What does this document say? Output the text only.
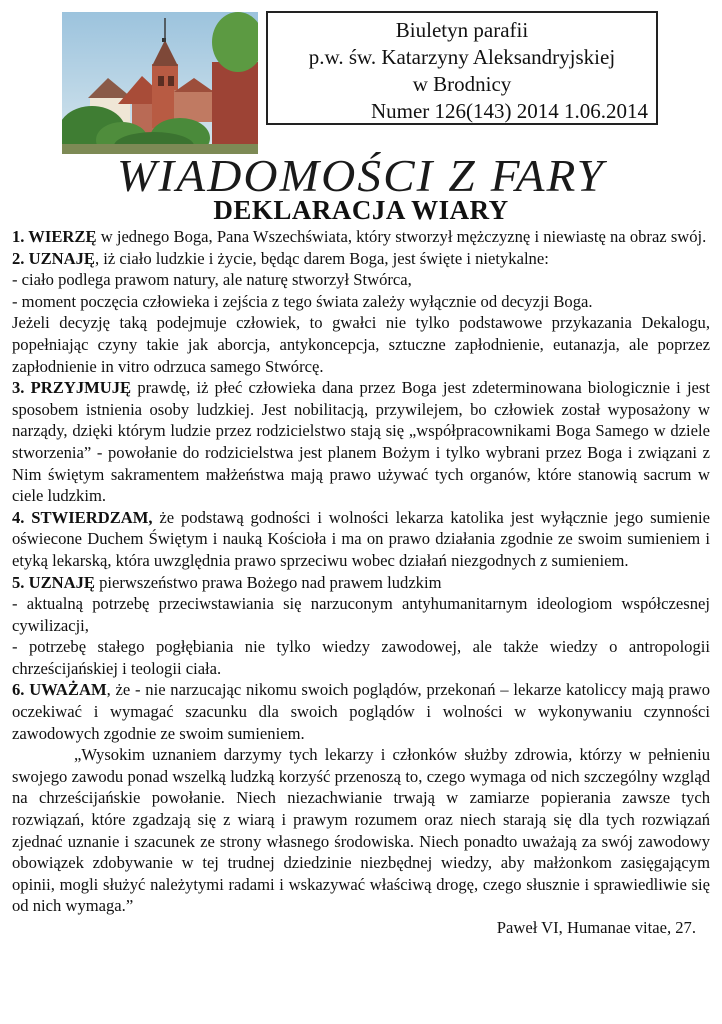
Biuletyn parafii
p.w. św. Katarzyny Aleksandryjskiej
w Brodnicy
Numer 126(143) 2014 1.06.2014
WIADOMOŚCI Z FARY
DEKLARACJA WIARY

1. WIERZĘ w jednego Boga, Pana Wszechświata, który stworzył mężczyznę i niewiastę na obraz swój.

2. UZNAJĘ, iż ciało ludzkie i życie, będąc darem Boga, jest święte i nietykalne:

- ciało podlega prawom natury, ale naturę stworzył Stwórca,

- moment poczęcia człowieka i zejścia z tego świata zależy wyłącznie od decyzji Boga.

Jeżeli decyzję taką podejmuje człowiek, to gwałci nie tylko podstawowe przykazania Dekalogu, popełniając czyny takie jak aborcja, antykoncepcja, sztuczne zapłodnienie, eutanazja, ale poprzez zapłodnienie in vitro odrzuca samego Stwórcę.

3. PRZYJMUJĘ prawdę, iż płeć człowieka dana przez Boga jest zdeterminowana biologicznie i jest sposobem istnienia osoby ludzkiej. Jest nobilitacją, przywilejem, bo człowiek został wyposażony w narządy, dzięki którym ludzie przez rodzicielstwo stają się „współpracownikami Boga Samego w dziele stworzenia” - powołanie do rodzicielstwa jest planem Bożym i tylko wybrani przez Boga i związani z Nim świętym sakramentem małżeństwa mają prawo używać tych organów, które stanowią sacrum w ciele ludzkim.

4. STWIERDZAM, że podstawą godności i wolności lekarza katolika jest wyłącznie jego sumienie oświecone Duchem Świętym i nauką Kościoła i ma on prawo działania zgodnie ze swoim sumieniem i etyką lekarską, która uwzględnia prawo sprzeciwu wobec działań niezgodnych z sumieniem.

5. UZNAJĘ pierwszeństwo prawa Bożego nad prawem ludzkim

- aktualną potrzebę przeciwstawiania się narzuconym antyhumanitarnym ideologiom współczesnej cywilizacji,

- potrzebę stałego pogłębiania nie tylko wiedzy zawodowej, ale także wiedzy o antropologii chrześcijańskiej i teologii ciała.

6. UWAŻAM, że - nie narzucając nikomu swoich poglądów, przekonań – lekarze katoliccy mają prawo oczekiwać i wymagać szacunku dla swoich poglądów i wolności w wykonywaniu czynności zawodowych zgodnie ze swoim sumieniem.

„Wysokim uznaniem darzymy tych lekarzy i członków służby zdrowia, którzy w pełnieniu swojego zawodu ponad wszelką ludzką korzyść przenoszą to, czego wymaga od nich szczególny wzgląd na chrześcijańskie powołanie. Niech niezachwianie trwają w zamiarze popierania zawsze tych rozwiązań, które zgadzają się z wiarą i prawym rozumem oraz niech starają się dla tych rozwiązań zjednać uznanie i szacunek ze strony własnego środowiska. Niech ponadto uważają za swój zawodowy obowiązek zdobywanie w tej trudnej dziedzinie niezbędnej wiedzy, aby małżonkom zasięgającym opinii, mogli służyć należytymi radami i wskazywać właściwą drogę, czego słusznie i sprawiedliwie się od nich wymaga.”

Paweł VI, Humanae vitae, 27.
